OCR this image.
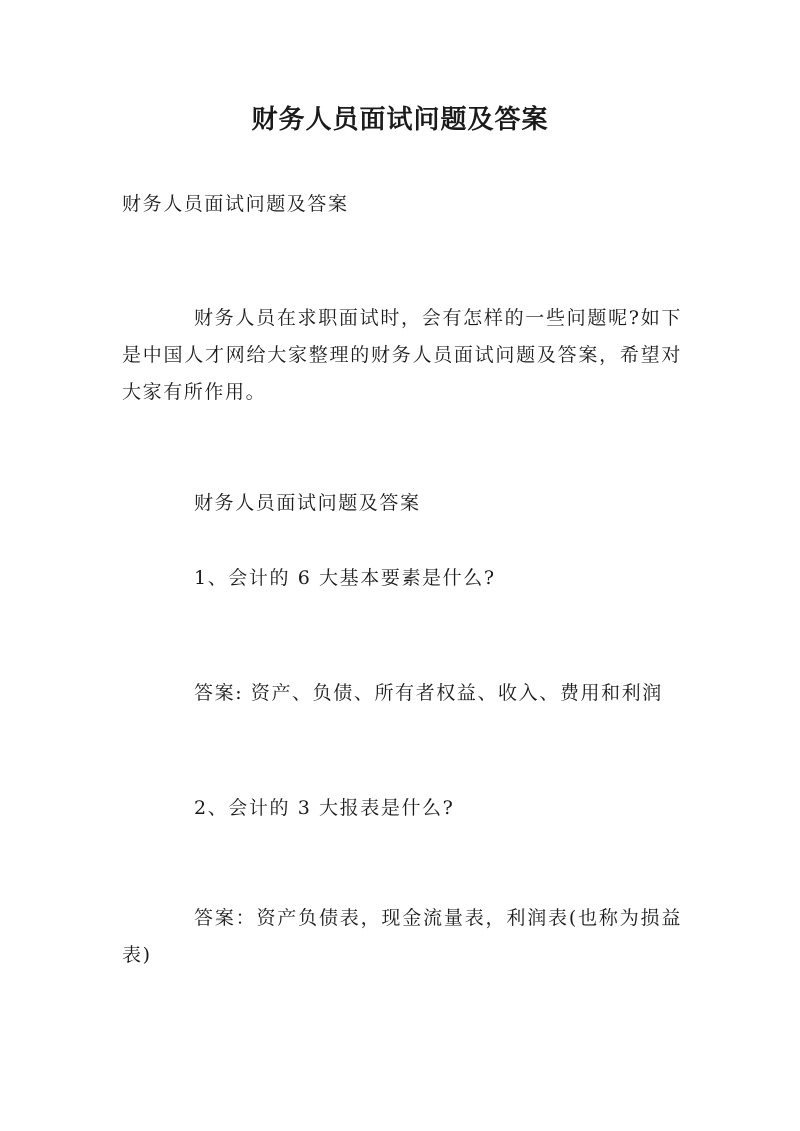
财务人员面试问题及答案

财务人员面试问题及答案

财务人员在求职面试时，会有怎样的一些问题呢?如下是中国人才网给大家整理的财务人员面试问题及答案，希望对大家有所作用。

财务人员面试问题及答案

1、会计的 6 大基本要素是什么?

答案: 资产、负债、所有者权益、收入、费用和利润

2、会计的 3 大报表是什么?

答案：资产负债表，现金流量表，利润表(也称为损益表)
